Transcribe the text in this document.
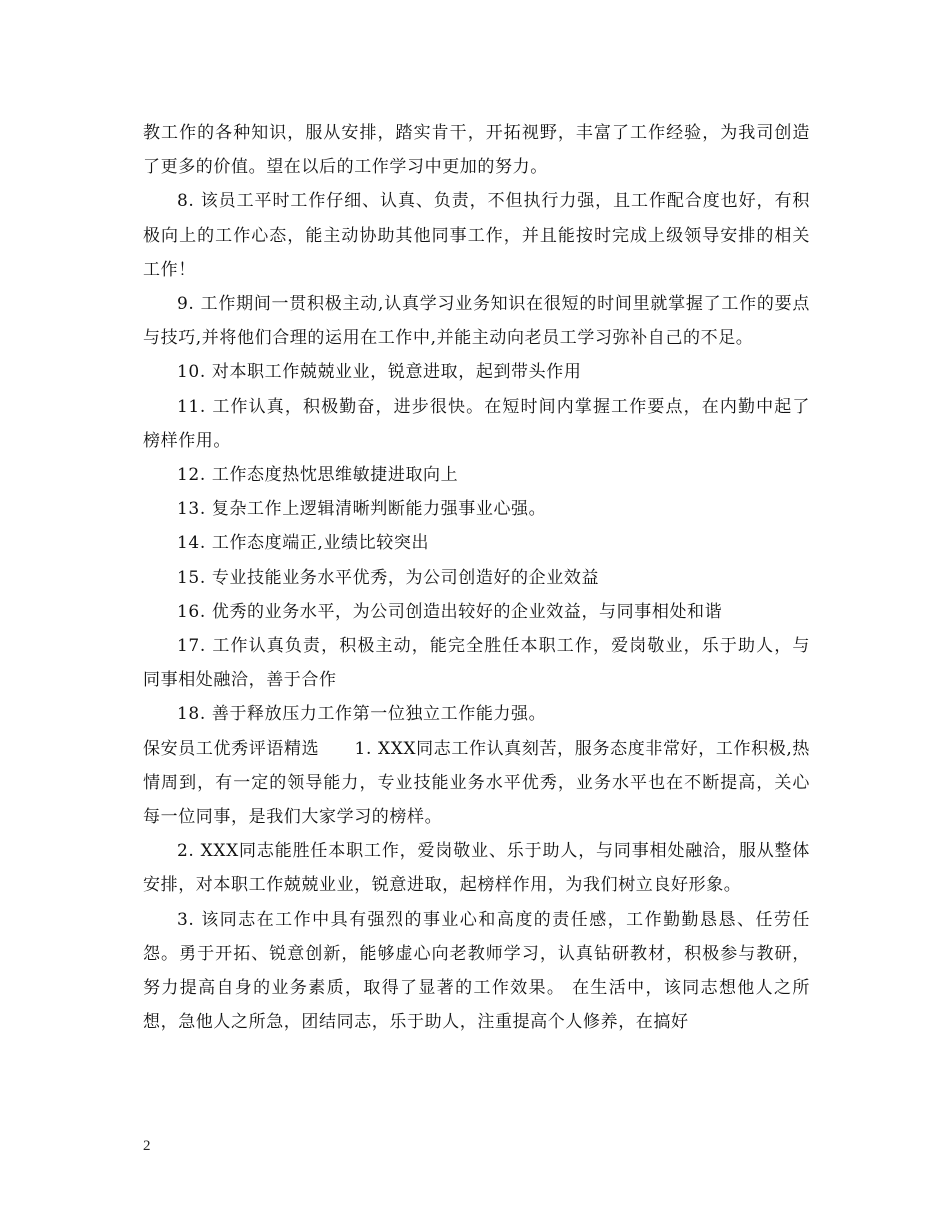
教工作的各种知识，服从安排，踏实肯干，开拓视野，丰富了工作经验，为我司创造了更多的价值。望在以后的工作学习中更加的努力。

8. 该员工平时工作仔细、认真、负责，不但执行力强，且工作配合度也好，有积极向上的工作心态，能主动协助其他同事工作，并且能按时完成上级领导安排的相关工作！

9. 工作期间一贯积极主动,认真学习业务知识在很短的时间里就掌握了工作的要点与技巧,并将他们合理的运用在工作中,并能主动向老员工学习弥补自己的不足。

10. 对本职工作兢兢业业，锐意进取，起到带头作用

11. 工作认真，积极勤奋，进步很快。在短时间内掌握工作要点，在内勤中起了榜样作用。

12. 工作态度热忱思维敏捷进取向上

13. 复杂工作上逻辑清晰判断能力强事业心强。

14. 工作态度端正,业绩比较突出

15. 专业技能业务水平优秀，为公司创造好的企业效益

16. 优秀的业务水平，为公司创造出较好的企业效益，与同事相处和谐

17. 工作认真负责，积极主动，能完全胜任本职工作，爱岗敬业，乐于助人，与同事相处融洽，善于合作

18. 善于释放压力工作第一位独立工作能力强。

保安员工优秀评语精选　　1. XXX同志工作认真刻苦，服务态度非常好，工作积极,热情周到，有一定的领导能力，专业技能业务水平优秀，业务水平也在不断提高，关心每一位同事，是我们大家学习的榜样。

2. XXX同志能胜任本职工作，爱岗敬业、乐于助人，与同事相处融洽，服从整体安排，对本职工作兢兢业业，锐意进取，起榜样作用，为我们树立良好形象。

3. 该同志在工作中具有强烈的事业心和高度的责任感，工作勤勤恳恳、任劳任怨。勇于开拓、锐意创新，能够虚心向老教师学习，认真钻研教材，积极参与教研，努力提高自身的业务素质，取得了显著的工作效果。 在生活中，该同志想他人之所想，急他人之所急，团结同志，乐于助人，注重提高个人修养，在搞好

2
